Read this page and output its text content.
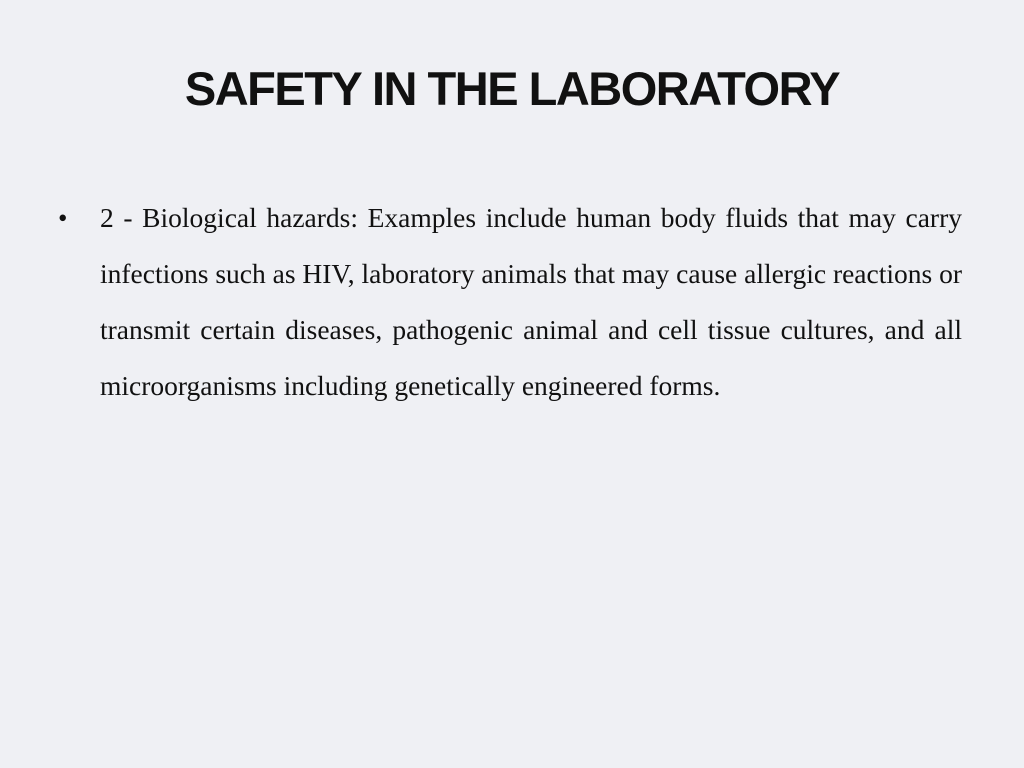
SAFETY IN THE LABORATORY
•	2 - Biological hazards: Examples include human body fluids that may carry infections such as HIV, laboratory animals that may cause allergic reactions or transmit certain diseases, pathogenic animal and cell tissue cultures, and all microorganisms including genetically engineered forms.
